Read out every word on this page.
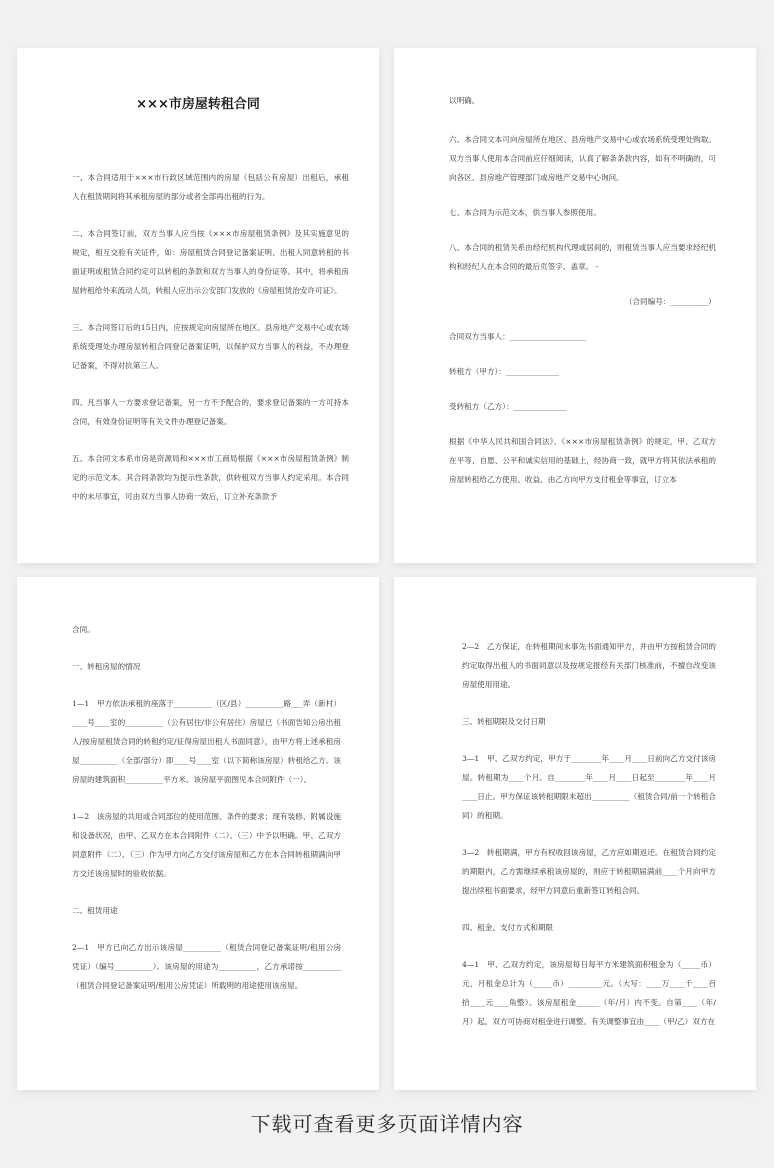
×××市房屋转租合同

一、本合同适用于×××市行政区域范围内的房屋（包括公有房屋）出租后，承租人在租赁期间将其承租房屋的部分或者全部再出租的行为。

二、本合同签订前，双方当事人应当按《×××市房屋租赁条例》及其实施意见的规定，相互交验有关证件，如：房屋租赁合同登记备案证明、出租人同意转租的书面证明或租赁合同约定可以转租的条款和双方当事人的身份证等。其中，将承租房屋转租给外来流动人员，转租人应出示公安部门发放的《房屋租赁治安许可证》。

三、本合同签订后的15日内，应按规定向房屋所在地区、县房地产交易中心或农场系统受理处办理房屋转租合同登记备案证明，以保护双方当事人的利益，不办理登记备案，不得对抗第三人。

四、凡当事人一方要求登记备案，另一方不予配合的，要求登记备案的一方可持本合同，有效身份证明等有关文件办理登记备案。

五、本合同文本系市房是资源局和×××市工商局根据《×××市房屋租赁条例》制定的示范文本。其合同条款均为提示性条款，供转租双方当事人约定采用。本合同中的未尽事宜，可由双方当事人协商一致后，订立补充条款予

以明确。

六、本合同文本可向房屋所在地区、县房地产交易中心或农场系统受理处购取。双方当事人使用本合同前应仔细阅读，认真了解条条款内容，如有不明确的，可向各区、县房地产管理部门或房地产交易中心询问。

七、本合同为示范文本，供当事人参照使用。

八、本合同的租赁关系由经纪机构代理或居间的，则租赁当事人应当要求经纪机构和经纪人在本合同的最后页签字、盖章。 -

（合同编号：__________）

合同双方当事人：____________________

转租方（甲方）：______________

受转租方（乙方）：______________

根据《中华人民共和国合同法》、《×××市房屋租赁条例》的规定，甲、乙双方在平等、自愿、公平和诚实信用的基础上，经协商一致，就甲方将其依法承租的房屋转租给乙方使用、收益、由乙方向甲方支付租金等事宜，订立本

合同。

一、转租房屋的情况

1—1　甲方依法承租的座落于__________（区/县）__________路___弄（新村）____号____室的__________（公有居住/非公有居住）房屋已（书面告知公房出租人/按房屋租赁合同的转租约定/征得房屋出租人书面同意），由甲方将上述承租房屋__________（全部/部分）即____号____室（以下简称该房屋）转租给乙方。该房屋的建筑面积__________平方米。该房屋平面图见本合同附件（一）。

1—2　该房屋的共用或合同部位的使用范围、条件的要求；现有装修、附属设施和设备状况，由甲、乙双方在本合同附件（二）、（三）中予以明确。甲、乙双方同意附件（二）、（三）作为甲方向乙方交付该房屋和乙方在本合同转租期满向甲方交还该房屋时的验收依据。

二、租赁用途

2—1　甲方已向乙方出示该房屋__________（租赁合同登记备案证明/租用公房凭证）（编号__________）。该房屋的用途为__________，乙方承诺按__________（租赁合同登记备案证明/租用公房凭证）所载明的用途使用该房屋。

2—2　乙方保证，在转租期间未事先书面通知甲方，并由甲方按租赁合同的约定取得出租人的书面同意以及按规定报经有关部门核准前，不擅自改变该房屋使用用途。

三、转租期限及交付日期

3—1　甲、乙双方约定，甲方于________年____月____日前向乙方交付该房屋。转租期为____个月。自________年____月____日起至________年____月____日止。甲方保证该转租期限未超出__________（租赁合同/前一个转租合同）的租期。

3—2　转租期满，甲方有权收回该房屋，乙方应如期返还。在租赁合同约定的期限内，乙方需继续承租该房屋的，则应于转租期届满前____个月向甲方提出续租书面要求，经甲方同意后重新签订转租合同。

四、租金、支付方式和期限

4—1　甲、乙双方约定，该房屋每日每平方米建筑面积租金为（_____币）元，月租金总计为（_____币）_________元。（大写：____万____千____百拾____元____角整）。该房屋租金______（年/月）内不变。自第____（年/月）起，双方可协商对租金进行调整。有关调整事宜由____（甲/乙）双方在

下载可查看更多页面详情内容
